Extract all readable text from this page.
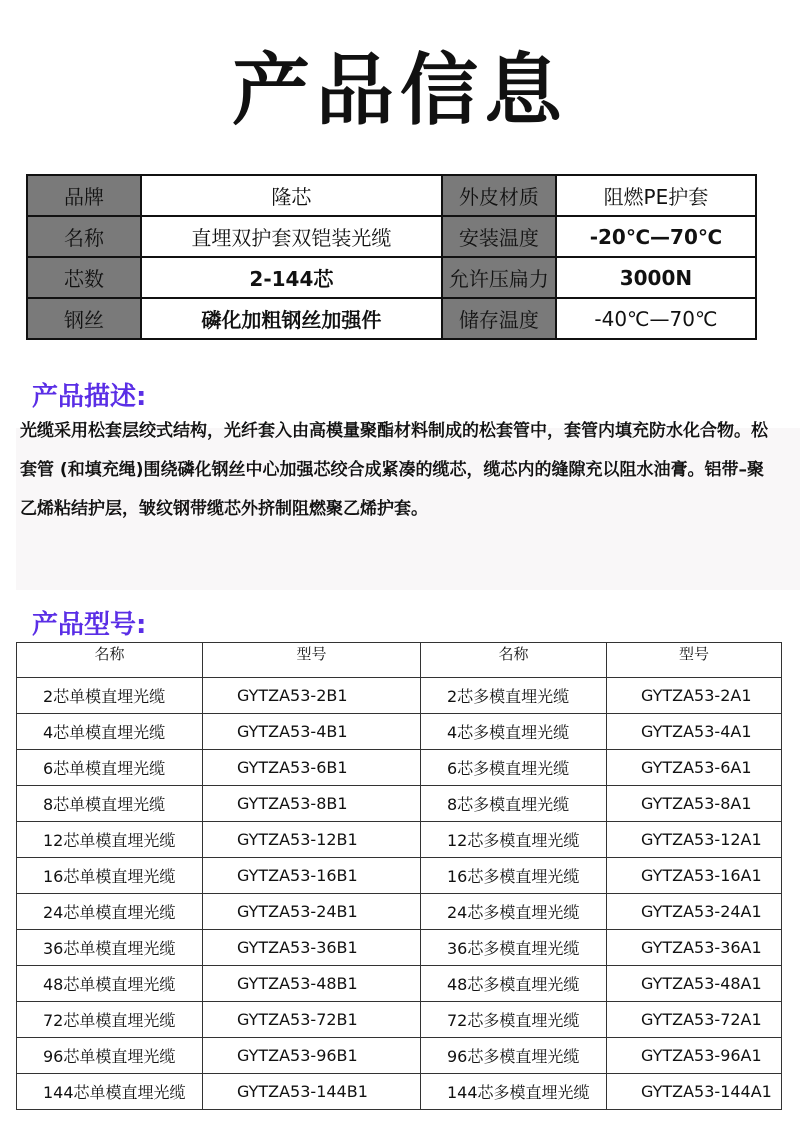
产品信息
品牌	隆芯	外皮材质	阻燃PE护套
名称	直埋双护套双铠装光缆	安装温度	-20℃—70℃
芯数	2-144芯	允许压扁力	3000N
钢丝	磷化加粗钢丝加强件	储存温度	-40℃—70℃
产品描述:

光缆采用松套层绞式结构，光纤套入由高模量聚酯材料制成的松套管中，套管内填充防水化合物。松套管 (和填充绳)围绕磷化钢丝中心加强芯绞合成紧凑的缆芯，缆芯内的缝隙充以阻水油膏。铝带–聚乙烯粘结护层，皱纹钢带缆芯外挤制阻燃聚乙烯护套。

产品型号:
名称	型号	名称	型号
2芯单模直埋光缆	GYTZA53-2B1	2芯多模直埋光缆	GYTZA53-2A1
4芯单模直埋光缆	GYTZA53-4B1	4芯多模直埋光缆	GYTZA53-4A1
6芯单模直埋光缆	GYTZA53-6B1	6芯多模直埋光缆	GYTZA53-6A1
8芯单模直埋光缆	GYTZA53-8B1	8芯多模直埋光缆	GYTZA53-8A1
12芯单模直埋光缆	GYTZA53-12B1	12芯多模直埋光缆	GYTZA53-12A1
16芯单模直埋光缆	GYTZA53-16B1	16芯多模直埋光缆	GYTZA53-16A1
24芯单模直埋光缆	GYTZA53-24B1	24芯多模直埋光缆	GYTZA53-24A1
36芯单模直埋光缆	GYTZA53-36B1	36芯多模直埋光缆	GYTZA53-36A1
48芯单模直埋光缆	GYTZA53-48B1	48芯多模直埋光缆	GYTZA53-48A1
72芯单模直埋光缆	GYTZA53-72B1	72芯多模直埋光缆	GYTZA53-72A1
96芯单模直埋光缆	GYTZA53-96B1	96芯多模直埋光缆	GYTZA53-96A1
144芯单模直埋光缆	GYTZA53-144B1	144芯多模直埋光缆	GYTZA53-144A1
